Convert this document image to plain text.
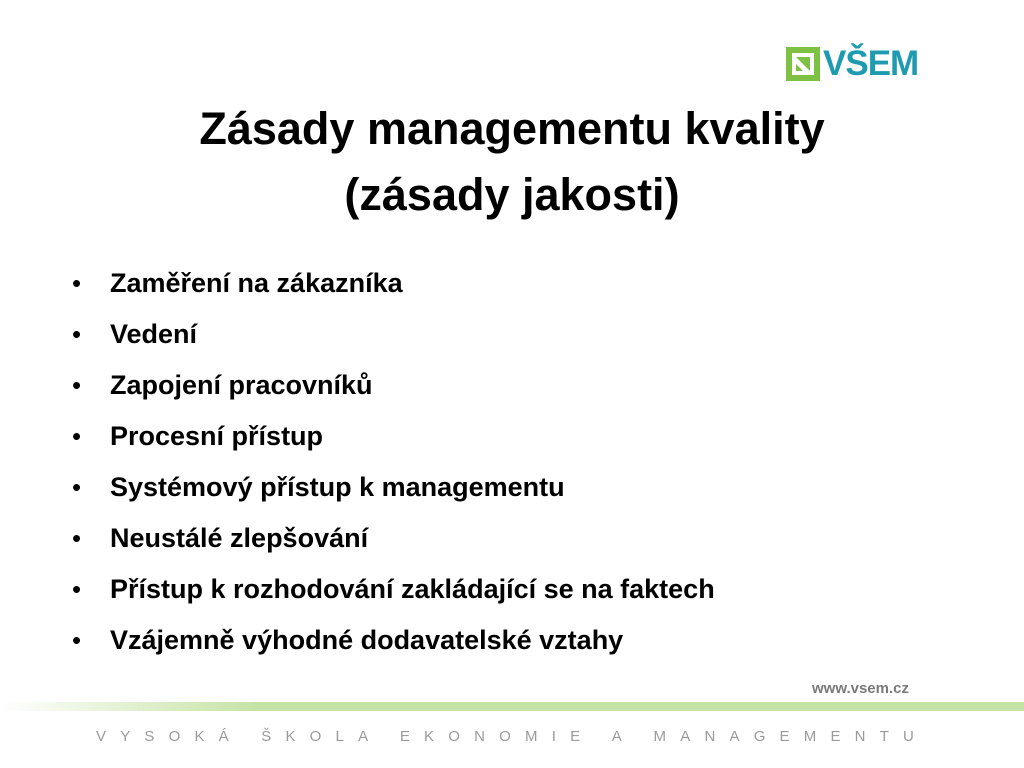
VŠEM
Zásady managementu kvality
(zásady jakosti)
•	Zaměření na zákazníka
•	Vedení
•	Zapojení pracovníků
•	Procesní přístup
•	Systémový přístup k managementu
•	Neustálé zlepšování
•	Přístup k rozhodování zakládající se na faktech
•	Vzájemně výhodné dodavatelské vztahy
www.vsem.cz
VYSOKÁ ŠKOLA EKONOMIE A MANAGEMENTU
